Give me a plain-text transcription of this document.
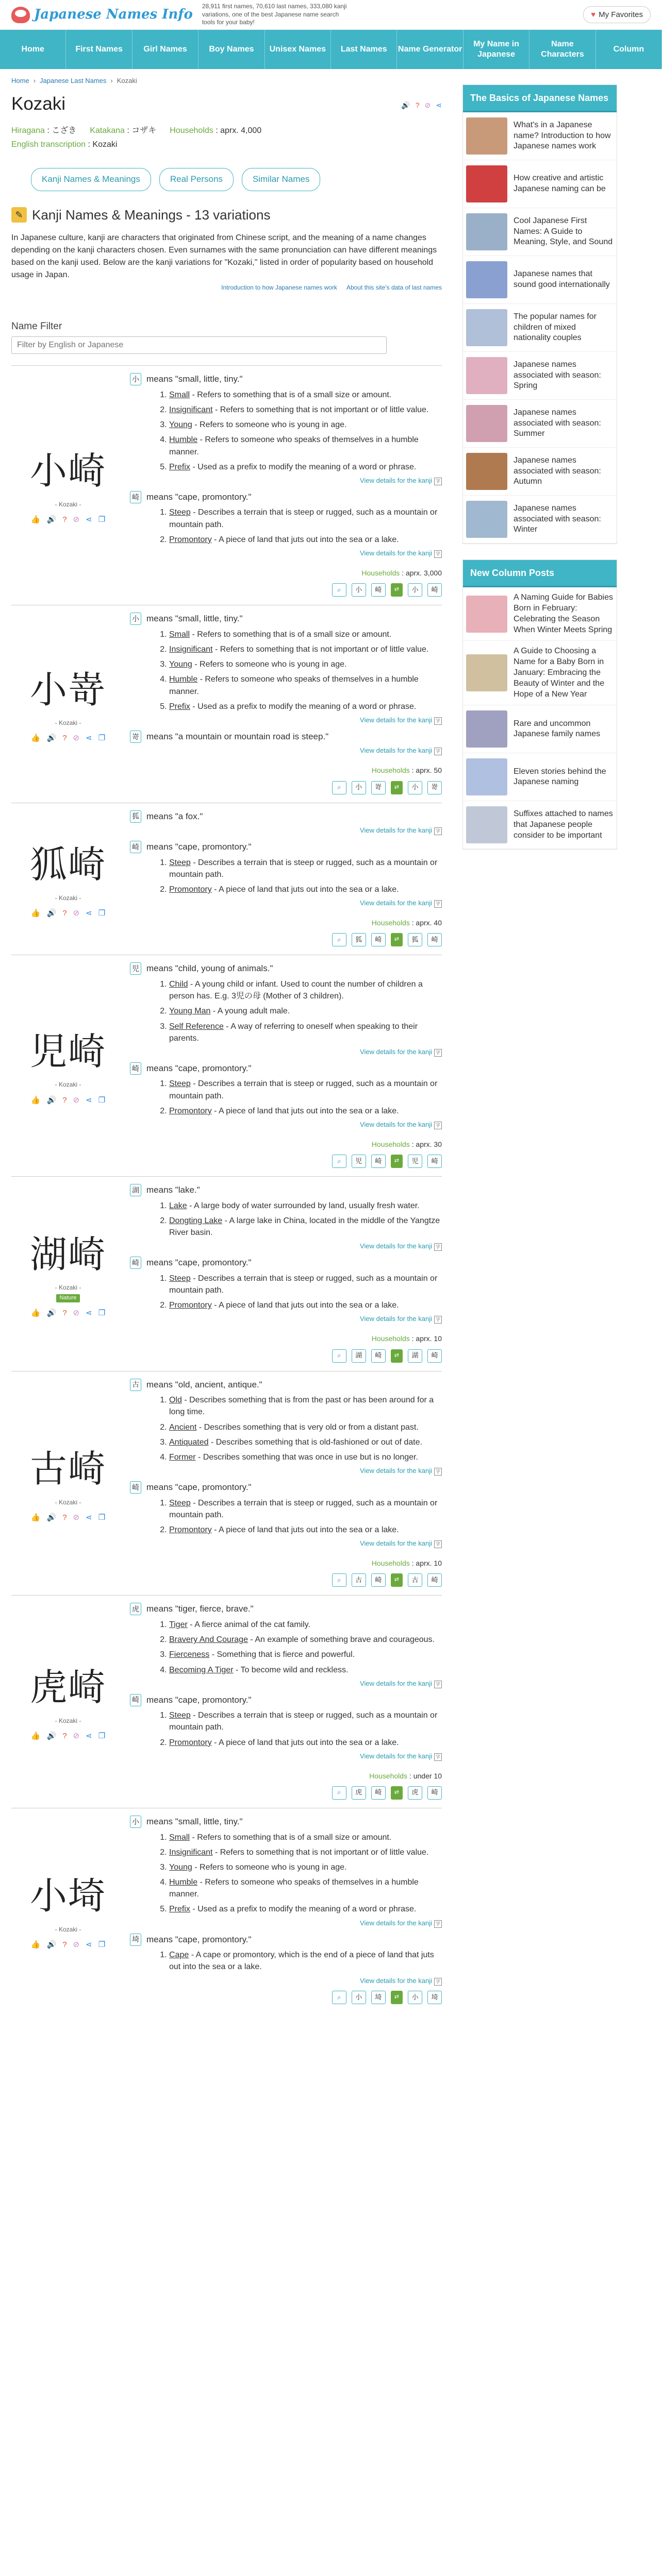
Japanese Names Info
28,911 first names, 70,610 last names, 333,080 kanji variations, one of the best Japanese name search tools for your baby!
♥ My Favorites
Home	First Names	Girl Names	Boy Names	Unisex Names	Last Names	Name Generator
My Name in Japanese
Name Characters
Column
Home › Japanese Last Names › Kozaki
Kozaki	🔊 ? ⊘ ⋖
Hiragana : こざき Katakana : コザキ Households : aprx. 4,000
English transcription : Kozaki
Kanji Names & Meanings	Real Persons	Similar Names
✎ Kanji Names & Meanings - 13 variations

In Japanese culture, kanji are characters that originated from Chinese script, and the meaning of a name changes depending on the kanji characters chosen. Even surnames with the same pronunciation can have different meanings based on the kanji used. Below are the kanji variations for "Kozaki," listed in order of popularity based on household usage in Japan.

Introduction to how Japanese names work About this site's data of last names
Name Filter
Filter by English or Japanese
小崎
- Kozaki -
👍 🔊 ? ⊘ ⋖ ❐
小 means "small, little, tiny."
1. Small - Refers to something that is of a small size or amount.
2. Insignificant - Refers to something that is not important or of little value.
3. Young - Refers to someone who is young in age.
4. Humble - Refers to someone who speaks of themselves in a humble manner.
5. Prefix - Used as a prefix to modify the meaning of a word or phrase.
View details for the kanji 字
崎 means "cape, promontory."
1. Steep - Describes a terrain that is steep or rugged, such as a mountain or mountain path.
2. Promontory - A piece of land that juts out into the sea or a lake.
View details for the kanji 字
Households : aprx. 3,000
⌕	小	崎	⇄	小	崎
小嵜
- Kozaki -
👍 🔊 ? ⊘ ⋖ ❐
小 means "small, little, tiny."
1. Small - Refers to something that is of a small size or amount.
2. Insignificant - Refers to something that is not important or of little value.
3. Young - Refers to someone who is young in age.
4. Humble - Refers to someone who speaks of themselves in a humble manner.
5. Prefix - Used as a prefix to modify the meaning of a word or phrase.
View details for the kanji 字
嵜 means "a mountain or mountain road is steep."
View details for the kanji 字
Households : aprx. 50
⌕	小	嵜	⇄	小	嵜
狐崎
- Kozaki -
👍 🔊 ? ⊘ ⋖ ❐
狐 means "a fox."
View details for the kanji 字
崎 means "cape, promontory."
1. Steep - Describes a terrain that is steep or rugged, such as a mountain or mountain path.
2. Promontory - A piece of land that juts out into the sea or a lake.
View details for the kanji 字
Households : aprx. 40
⌕	狐	崎	⇄	狐	崎
児崎
- Kozaki -
👍 🔊 ? ⊘ ⋖ ❐
児 means "child, young of animals."
1. Child - A young child or infant. Used to count the number of children a person has. E.g. 3児の母 (Mother of 3 children).
2. Young Man - A young adult male.
3. Self Reference - A way of referring to oneself when speaking to their parents.
View details for the kanji 字
崎 means "cape, promontory."
1. Steep - Describes a terrain that is steep or rugged, such as a mountain or mountain path.
2. Promontory - A piece of land that juts out into the sea or a lake.
View details for the kanji 字
Households : aprx. 30
⌕	児	崎	⇄	児	崎
湖崎
- Kozaki -
Nature
👍 🔊 ? ⊘ ⋖ ❐
湖 means "lake."
1. Lake - A large body of water surrounded by land, usually fresh water.
2. Dongting Lake - A large lake in China, located in the middle of the Yangtze River basin.
View details for the kanji 字
崎 means "cape, promontory."
1. Steep - Describes a terrain that is steep or rugged, such as a mountain or mountain path.
2. Promontory - A piece of land that juts out into the sea or a lake.
View details for the kanji 字
Households : aprx. 10
⌕	湖	崎	⇄	湖	崎
古崎
- Kozaki -
👍 🔊 ? ⊘ ⋖ ❐
古 means "old, ancient, antique."
1. Old - Describes something that is from the past or has been around for a long time.
2. Ancient - Describes something that is very old or from a distant past.
3. Antiquated - Describes something that is old-fashioned or out of date.
4. Former - Describes something that was once in use but is no longer.
View details for the kanji 字
崎 means "cape, promontory."
1. Steep - Describes a terrain that is steep or rugged, such as a mountain or mountain path.
2. Promontory - A piece of land that juts out into the sea or a lake.
View details for the kanji 字
Households : aprx. 10
⌕	古	崎	⇄	古	崎
虎崎
- Kozaki -
👍 🔊 ? ⊘ ⋖ ❐
虎 means "tiger, fierce, brave."
1. Tiger - A fierce animal of the cat family.
2. Bravery And Courage - An example of something brave and courageous.
3. Fierceness - Something that is fierce and powerful.
4. Becoming A Tiger - To become wild and reckless.
View details for the kanji 字
崎 means "cape, promontory."
1. Steep - Describes a terrain that is steep or rugged, such as a mountain or mountain path.
2. Promontory - A piece of land that juts out into the sea or a lake.
View details for the kanji 字
Households : under 10
⌕	虎	崎	⇄	虎	崎
小埼
- Kozaki -
👍 🔊 ? ⊘ ⋖ ❐
小 means "small, little, tiny."
1. Small - Refers to something that is of a small size or amount.
2. Insignificant - Refers to something that is not important or of little value.
3. Young - Refers to someone who is young in age.
4. Humble - Refers to someone who speaks of themselves in a humble manner.
5. Prefix - Used as a prefix to modify the meaning of a word or phrase.
View details for the kanji 字
埼 means "cape, promontory."
1. Cape - A cape or promontory, which is the end of a piece of land that juts out into the sea or a lake.
View details for the kanji 字
⌕	小	埼	⇄	小	埼
The Basics of Japanese Names
What's in a Japanese name? Introduction to how Japanese names work
How creative and artistic Japanese naming can be
Cool Japanese First Names: A Guide to Meaning, Style, and Sound
Japanese names that sound good internationally
The popular names for children of mixed nationality couples
Japanese names associated with season: Spring
Japanese names associated with season: Summer
Japanese names associated with season: Autumn
Japanese names associated with season: Winter
New Column Posts
A Naming Guide for Babies Born in February: Celebrating the Season When Winter Meets Spring
A Guide to Choosing a Name for a Baby Born in January: Embracing the Beauty of Winter and the Hope of a New Year
Rare and uncommon Japanese family names
Eleven stories behind the Japanese naming
Suffixes attached to names that Japanese people consider to be important
